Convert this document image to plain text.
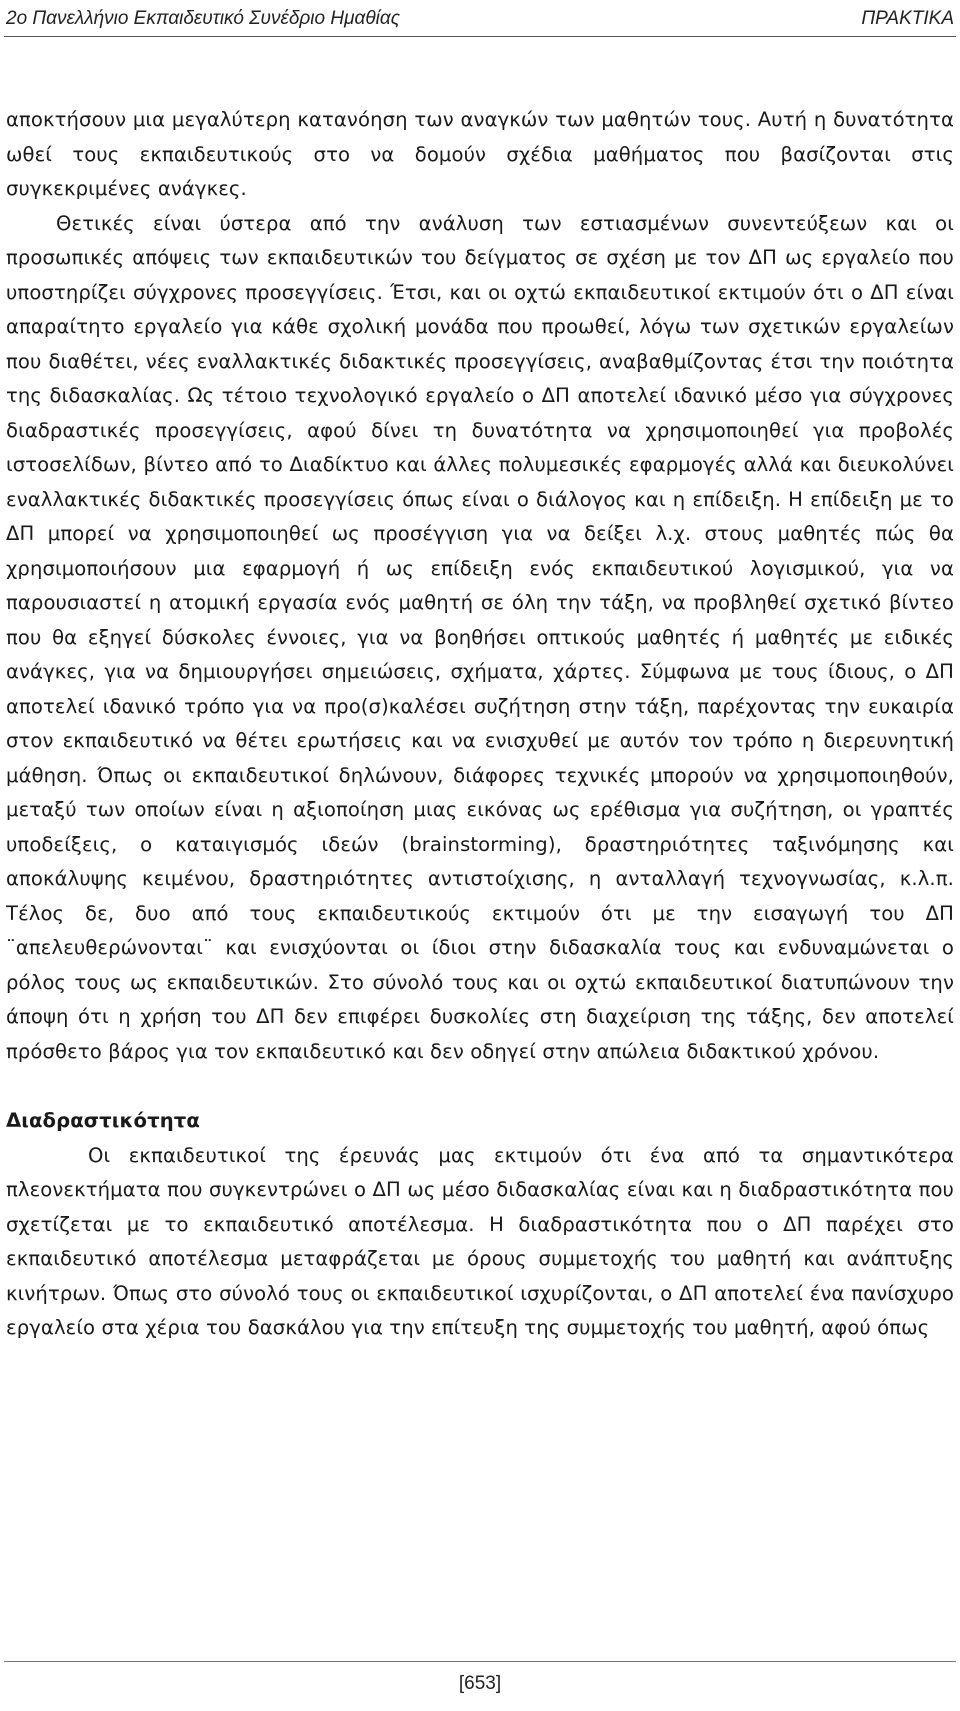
2ο Πανελλήνιο Εκπαιδευτικό Συνέδριο Ημαθίας	ΠΡΑΚΤΙΚΑ

αποκτήσουν μια μεγαλύτερη κατανόηση των αναγκών των μαθητών τους. Αυτή η δυνατότητα ωθεί τους εκπαιδευτικούς στο να δομούν σχέδια μαθήματος που βασίζονται στις συγκεκριμένες ανάγκες.

Θετικές είναι ύστερα από την ανάλυση των εστιασμένων συνεντεύξεων και οι προσωπικές απόψεις των εκπαιδευτικών του δείγματος σε σχέση με τον ΔΠ ως εργαλείο που υποστηρίζει σύγχρονες προσεγγίσεις. Έτσι, και οι οχτώ εκπαιδευτικοί εκτιμούν ότι ο ΔΠ είναι απαραίτητο εργαλείο για κάθε σχολική μονάδα που προωθεί, λόγω των σχετικών εργαλείων που διαθέτει, νέες εναλλακτικές διδακτικές προσεγγίσεις, αναβαθμίζοντας έτσι την ποιότητα της διδασκαλίας. Ως τέτοιο τεχνολογικό εργαλείο ο ΔΠ αποτελεί ιδανικό μέσο για σύγχρονες διαδραστικές προσεγγίσεις, αφού δίνει τη δυνατότητα να χρησιμοποιηθεί για προβολές ιστοσελίδων, βίντεο από το Διαδίκτυο και άλλες πολυμεσικές εφαρμογές αλλά και διευκολύνει εναλλακτικές διδακτικές προσεγγίσεις όπως είναι ο διάλογος και η επίδειξη. Η επίδειξη με το ΔΠ μπορεί να χρησιμοποιηθεί ως προσέγγιση για να δείξει λ.χ. στους μαθητές πώς θα χρησιμοποιήσουν μια εφαρμογή ή ως επίδειξη ενός εκπαιδευτικού λογισμικού, για να παρουσιαστεί η ατομική εργασία ενός μαθητή σε όλη την τάξη, να προβληθεί σχετικό βίντεο που θα εξηγεί δύσκολες έννοιες, για να βοηθήσει οπτικούς μαθητές ή μαθητές με ειδικές ανάγκες, για να δημιουργήσει σημειώσεις, σχήματα, χάρτες. Σύμφωνα με τους ίδιους, ο ΔΠ αποτελεί ιδανικό τρόπο για να προ(σ)καλέσει συζήτηση στην τάξη, παρέχοντας την ευκαιρία στον εκπαιδευτικό να θέτει ερωτήσεις και να ενισχυθεί με αυτόν τον τρόπο η διερευνητική μάθηση. Όπως οι εκπαιδευτικοί δηλώνουν, διάφορες τεχνικές μπορούν να χρησιμοποιηθούν, μεταξύ των οποίων είναι η αξιοποίηση μιας εικόνας ως ερέθισμα για συζήτηση, οι γραπτές υποδείξεις, ο καταιγισμός ιδεών (brainstorming), δραστηριότητες ταξινόμησης και αποκάλυψης κειμένου, δραστηριότητες αντιστοίχισης, η ανταλλαγή τεχνογνωσίας, κ.λ.π. Τέλος δε, δυο από τους εκπαιδευτικούς εκτιμούν ότι με την εισαγωγή του ΔΠ ¨απελευθερώνονται¨ και ενισχύονται οι ίδιοι στην διδασκαλία τους και ενδυναμώνεται ο ρόλος τους ως εκπαιδευτικών. Στο σύνολό τους και οι οχτώ εκπαιδευτικοί διατυπώνουν την άποψη ότι η χρήση του ΔΠ δεν επιφέρει δυσκολίες στη διαχείριση της τάξης, δεν αποτελεί πρόσθετο βάρος για τον εκπαιδευτικό και δεν οδηγεί στην απώλεια διδακτικού χρόνου.

Διαδραστικότητα

Οι εκπαιδευτικοί της έρευνάς μας εκτιμούν ότι ένα από τα σημαντικότερα πλεονεκτήματα που συγκεντρώνει ο ΔΠ ως μέσο διδασκαλίας είναι και η διαδραστικότητα που σχετίζεται με το εκπαιδευτικό αποτέλεσμα. Η διαδραστικότητα που ο ΔΠ παρέχει στο εκπαιδευτικό αποτέλεσμα μεταφράζεται με όρους συμμετοχής του μαθητή και ανάπτυξης κινήτρων. Όπως στο σύνολό τους οι εκπαιδευτικοί ισχυρίζονται, ο ΔΠ αποτελεί ένα πανίσχυρο εργαλείο στα χέρια του δασκάλου για την επίτευξη της συμμετοχής του μαθητή, αφού όπως

[653]
